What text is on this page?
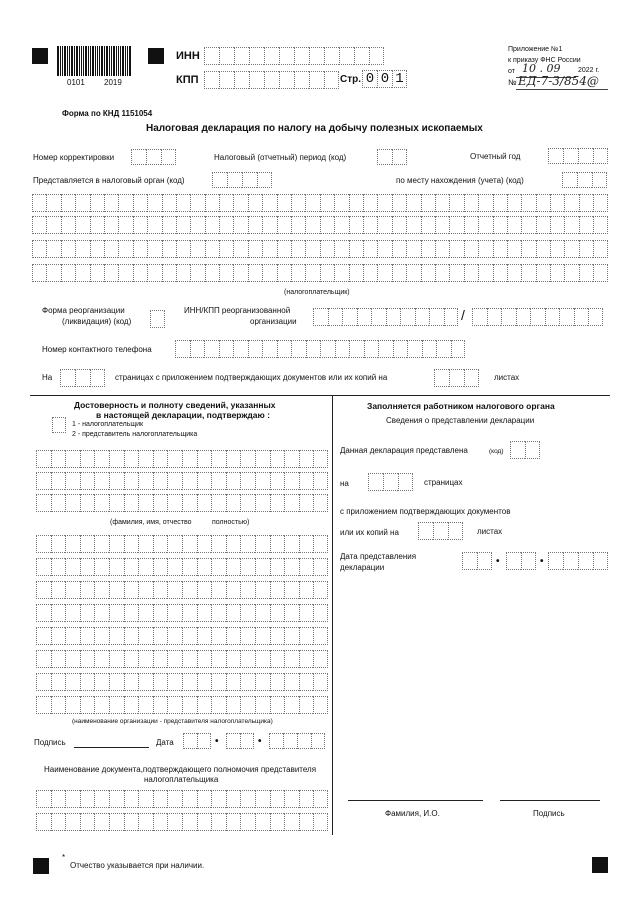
0101 2019
ИНН
КПП	Стр. 0 0 1
Приложение №1
к приказу ФНС России
от 10 . 09	2022 г.
№ ЕД-7-3/854@
Форма по КНД 1151054
Налоговая декларация по налогу на добычу полезных ископаемых
Номер корректировки	Налоговый (отчетный) период (код)	Отчетный год
Представляется в налоговый орган (код)	по месту нахождения (учета) (код)
(налогоплательщик)
Форма реорганизации
(ликвидация) (код)
ИНН/КПП реорганизованной
организации	/
Номер контактного телефона
На	страницах с приложением подтверждающих документов или их копий на	листах
Достоверность и полноту сведений, указанных
в настоящей декларации, подтверждаю :
1 - налогоплательщик
2 - представитель налогоплательщика
(фамилия, имя, отчество	полностью)
(наименование организации - представителя налогоплательщика)
Подпись	Дата	•	•
Наименование документа,подтверждающего полномочия представителя
налогоплательщика
Заполняется работником налогового органа
Сведения о представлении декларации
Данная декларация представлена	(код)
на	страницах
с приложением подтверждающих документов
или их копий на	листах
Дата представления
декларации
•	•
Фамилия, И.О.	Подпись
*
Отчество указывается при наличии.
